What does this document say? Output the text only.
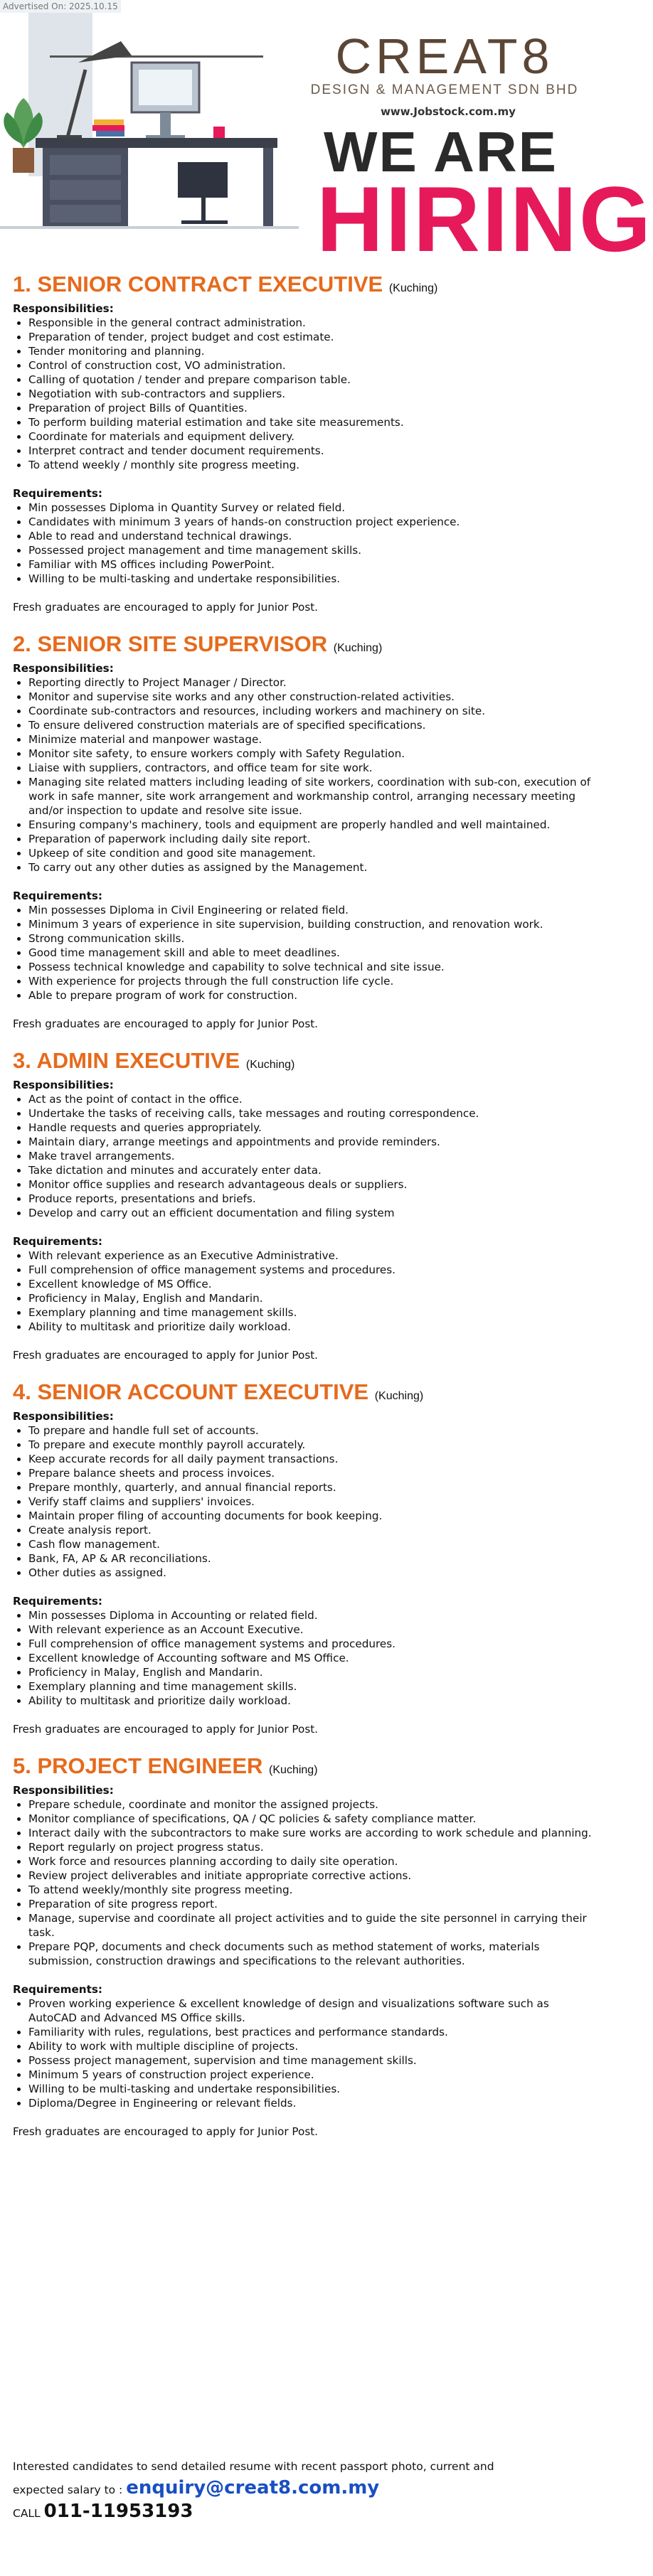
Advertised On: 2025.10.15
CREAT8
DESIGN & MANAGEMENT SDN BHD
www.Jobstock.com.my
WE ARE
HIRING
1. SENIOR CONTRACT EXECUTIVE (Kuching)
Responsibilities:
• Responsible in the general contract administration.
• Preparation of tender, project budget and cost estimate.
• Tender monitoring and planning.
• Control of construction cost, VO administration.
• Calling of quotation / tender and prepare comparison table.
• Negotiation with sub-contractors and suppliers.
• Preparation of project Bills of Quantities.
• To perform building material estimation and take site measurements.
• Coordinate for materials and equipment delivery.
• Interpret contract and tender document requirements.
• To attend weekly / monthly site progress meeting.
Requirements:
• Min possesses Diploma in Quantity Survey or related field.
• Candidates with minimum 3 years of hands-on construction project experience.
• Able to read and understand technical drawings.
• Possessed project management and time management skills.
• Familiar with MS offices including PowerPoint.
• Willing to be multi-tasking and undertake responsibilities.
Fresh graduates are encouraged to apply for Junior Post.
2. SENIOR SITE SUPERVISOR (Kuching)
Responsibilities:
• Reporting directly to Project Manager / Director.
• Monitor and supervise site works and any other construction-related activities.
• Coordinate sub-contractors and resources, including workers and machinery on site.
• To ensure delivered construction materials are of specified specifications.
• Minimize material and manpower wastage.
• Monitor site safety, to ensure workers comply with Safety Regulation.
• Liaise with suppliers, contractors, and office team for site work.
• Managing site related matters including leading of site workers, coordination with sub-con, execution of work in safe manner, site work arrangement and workmanship control, arranging necessary meeting and/or inspection to update and resolve site issue.
• Ensuring company's machinery, tools and equipment are properly handled and well maintained.
• Preparation of paperwork including daily site report.
• Upkeep of site condition and good site management.
• To carry out any other duties as assigned by the Management.
Requirements:
• Min possesses Diploma in Civil Engineering or related field.
• Minimum 3 years of experience in site supervision, building construction, and renovation work.
• Strong communication skills.
• Good time management skill and able to meet deadlines.
• Possess technical knowledge and capability to solve technical and site issue.
• With experience for projects through the full construction life cycle.
• Able to prepare program of work for construction.
Fresh graduates are encouraged to apply for Junior Post.
3. ADMIN EXECUTIVE (Kuching)
Responsibilities:
• Act as the point of contact in the office.
• Undertake the tasks of receiving calls, take messages and routing correspondence.
• Handle requests and queries appropriately.
• Maintain diary, arrange meetings and appointments and provide reminders.
• Make travel arrangements.
• Take dictation and minutes and accurately enter data.
• Monitor office supplies and research advantageous deals or suppliers.
• Produce reports, presentations and briefs.
• Develop and carry out an efficient documentation and filing system
Requirements:
• With relevant experience as an Executive Administrative.
• Full comprehension of office management systems and procedures.
• Excellent knowledge of MS Office.
• Proficiency in Malay, English and Mandarin.
• Exemplary planning and time management skills.
• Ability to multitask and prioritize daily workload.
Fresh graduates are encouraged to apply for Junior Post.
4. SENIOR ACCOUNT EXECUTIVE (Kuching)
Responsibilities:
• To prepare and handle full set of accounts.
• To prepare and execute monthly payroll accurately.
• Keep accurate records for all daily payment transactions.
• Prepare balance sheets and process invoices.
• Prepare monthly, quarterly, and annual financial reports.
• Verify staff claims and suppliers' invoices.
• Maintain proper filing of accounting documents for book keeping.
• Create analysis report.
• Cash flow management.
• Bank, FA, AP & AR reconciliations.
• Other duties as assigned.
Requirements:
• Min possesses Diploma in Accounting or related field.
• With relevant experience as an Account Executive.
• Full comprehension of office management systems and procedures.
• Excellent knowledge of Accounting software and MS Office.
• Proficiency in Malay, English and Mandarin.
• Exemplary planning and time management skills.
• Ability to multitask and prioritize daily workload.
Fresh graduates are encouraged to apply for Junior Post.
5. PROJECT ENGINEER (Kuching)
Responsibilities:
• Prepare schedule, coordinate and monitor the assigned projects.
• Monitor compliance of specifications, QA / QC policies & safety compliance matter.
• Interact daily with the subcontractors to make sure works are according to work schedule and planning.
• Report regularly on project progress status.
• Work force and resources planning according to daily site operation.
• Review project deliverables and initiate appropriate corrective actions.
• To attend weekly/monthly site progress meeting.
• Preparation of site progress report.
• Manage, supervise and coordinate all project activities and to guide the site personnel in carrying their task.
• Prepare PQP, documents and check documents such as method statement of works, materials submission, construction drawings and specifications to the relevant authorities.
Requirements:
• Proven working experience & excellent knowledge of design and visualizations software such as AutoCAD and Advanced MS Office skills.
• Familiarity with rules, regulations, best practices and performance standards.
• Ability to work with multiple discipline of projects.
• Possess project management, supervision and time management skills.
• Minimum 5 years of construction project experience.
• Willing to be multi-tasking and undertake responsibilities.
• Diploma/Degree in Engineering or relevant fields.
Fresh graduates are encouraged to apply for Junior Post.
Interested candidates to send detailed resume with recent passport photo, current and
expected salary to : enquiry@creat8.com.my
CALL 011-11953193
